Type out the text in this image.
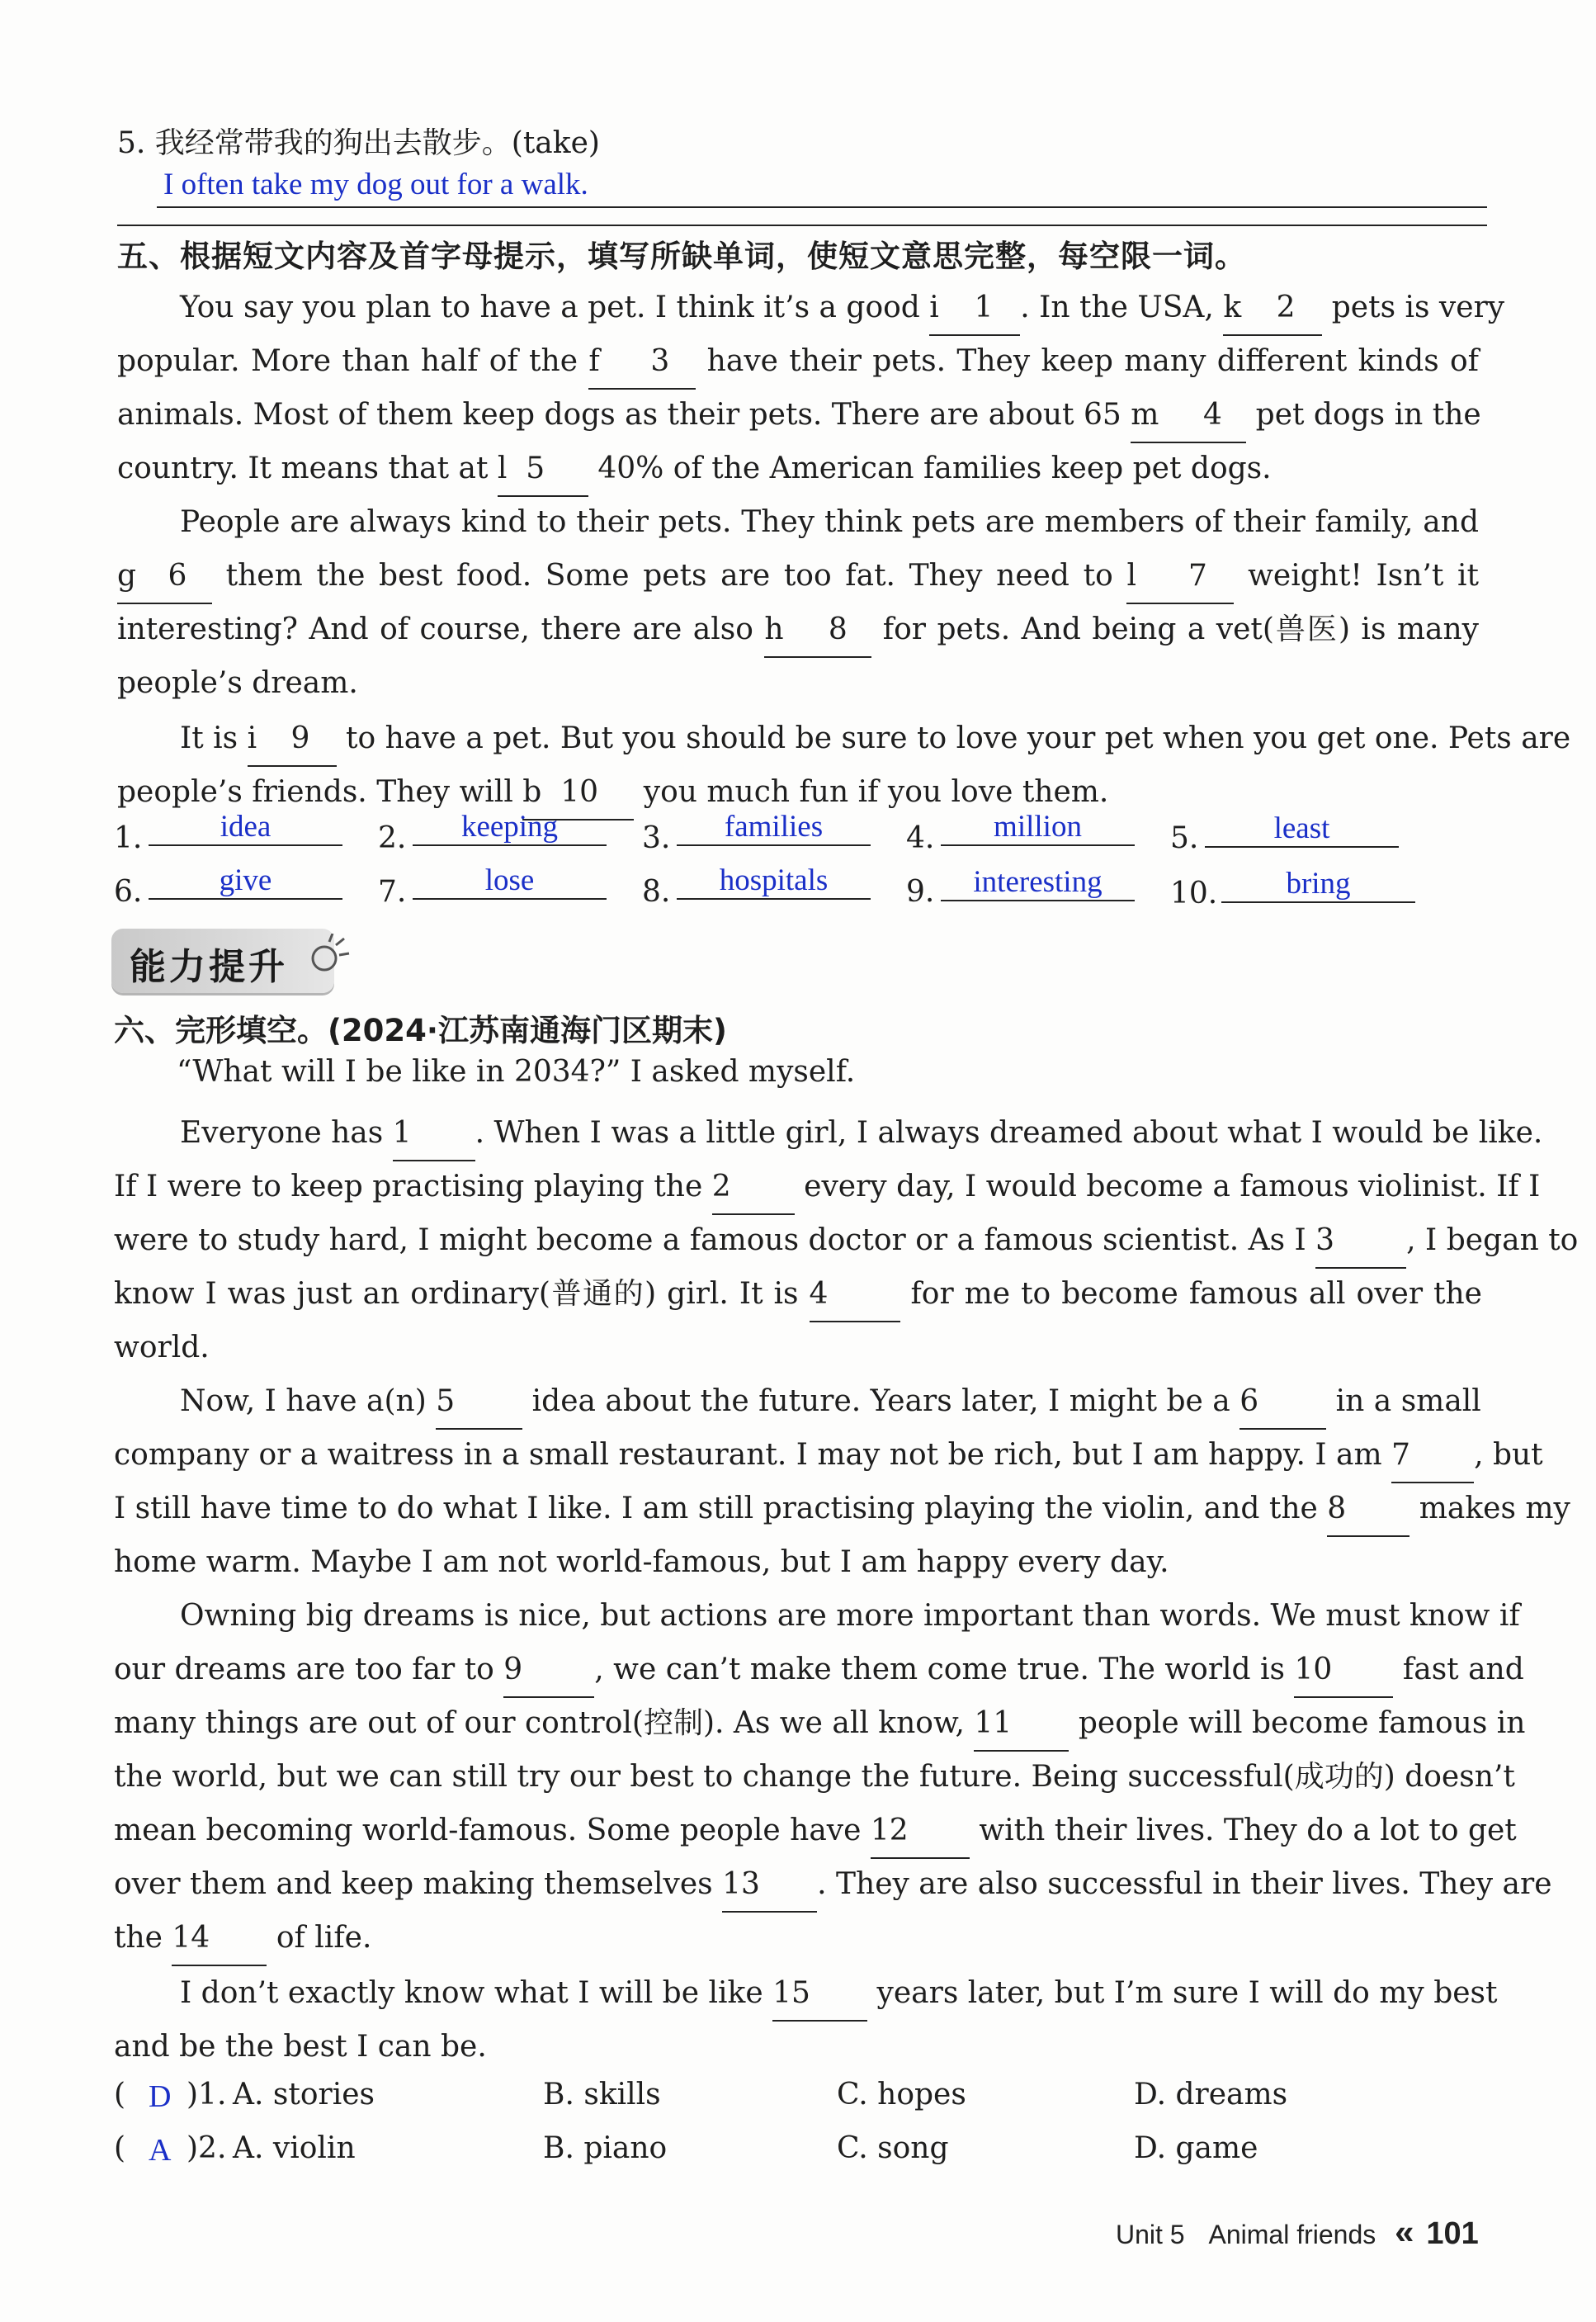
5. 我经常带我的狗出去散步。(take)
I often take my dog out for a walk.
五、根据短文内容及首字母提示，填写所缺单词，使短文意思完整，每空限一词。
You say you plan to have a pet. I think it’s a good i  1  . In the USA, k  2   pets is very
popular. More than half of the f   3   have their pets. They keep many different kinds of
animals. Most of them keep dogs as their pets. There are about 65 m   4   pet dogs in the
country. It means that at l  5   40% of the American families keep pet dogs.
People are always kind to their pets. They think pets are members of their family, and
g  6   them the best food. Some pets are too fat. They need to l   7   weight! Isn’t it
interesting? And of course, there are also h   8   for pets. And being a vet(兽医) is many
people’s dream.
It is i  9   to have a pet. But you should be sure to love your pet when you get one. Pets are
people’s friends. They will b  10   you much fun if you love them.
1.	idea	2.	keeping	3.	families	4.	million	5.	least
6.	give	7.	lose	8.	hospitals	9.	interesting	10.	bring
能力提升
六、完形填空。(2024·江苏南通海门区期末)
“What will I be like in 2034?” I asked myself.
Everyone has 1 . When I was a little girl, I always dreamed about what I would be like.
If I were to keep practising playing the 2 every day, I would become a famous violinist. If I
were to study hard, I might become a famous doctor or a famous scientist. As I 3 , I began to
know I was just an ordinary(普通的) girl. It is 4 for me to become famous all over the
world.
Now, I have a(n) 5 idea about the future. Years later, I might be a 6 in a small
company or a waitress in a small restaurant. I may not be rich, but I am happy. I am 7 , but
I still have time to do what I like. I am still practising playing the violin, and the 8 makes my
home warm. Maybe I am not world-famous, but I am happy every day.
Owning big dreams is nice, but actions are more important than words. We must know if
our dreams are too far to 9 , we can’t make them come true. The world is 10 fast and
many things are out of our control(控制). As we all know, 11 people will become famous in
the world, but we can still try our best to change the future. Being successful(成功的) doesn’t
mean becoming world-famous. Some people have 12 with their lives. They do a lot to get
over them and keep making themselves 13 . They are also successful in their lives. They are
the 14 of life.
I don’t exactly know what I will be like 15 years later, but I’m sure I will do my best
and be the best I can be.
( D )1. A. stories	B. skills	C. hopes	D. dreams
( A )2. A. violin	B. piano	C. song	D. game
Unit 5 Animal friends « 101
